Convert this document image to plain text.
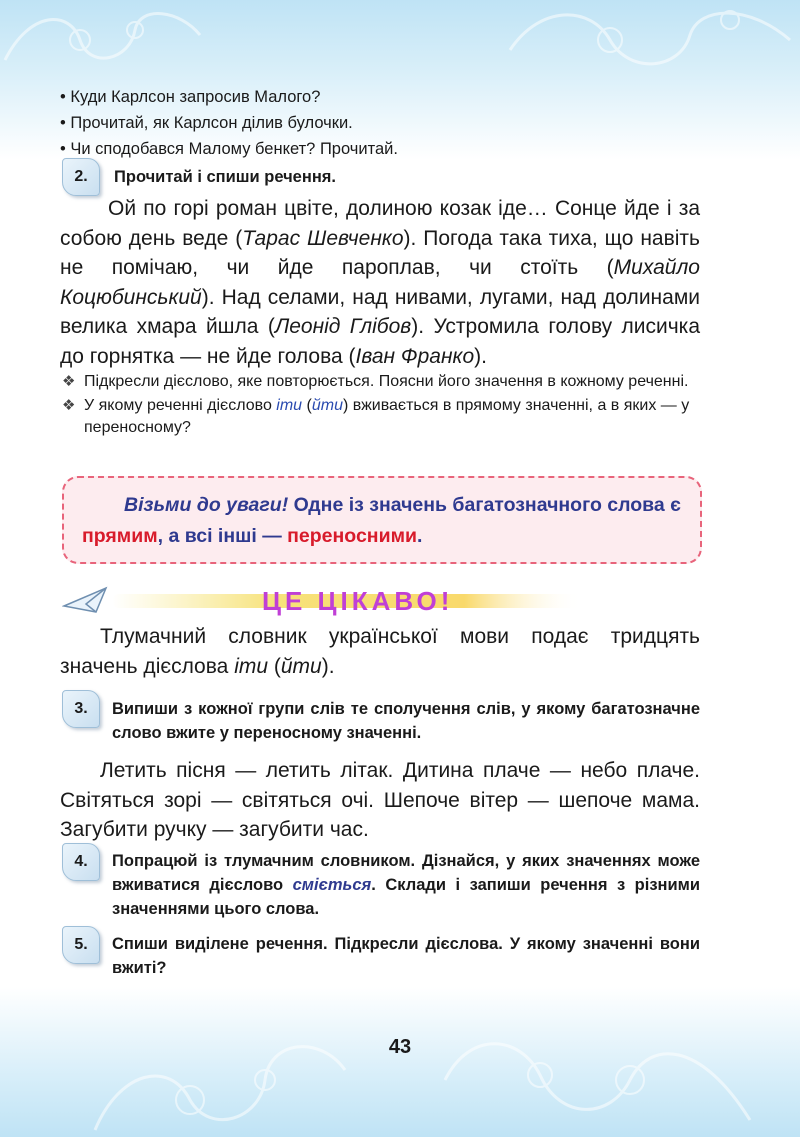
• Куди Карлсон запросив Малого?
• Прочитай, як Карлсон ділив булочки.
• Чи сподобався Малому бенкет? Прочитай.
2.	Прочитай і спиши речення.
Ой по горі роман цвіте, долиною козак іде… Сонце йде і за собою день веде (Тарас Шевченко). Погода така тиха, що навіть не помічаю, чи йде пароплав, чи стоїть (Михайло Коцюбинський). Над селами, над нивами, лугами, над долинами велика хмара йшла (Леонід Глібов). Устромила голову лисичка до горнятка — не йде голова (Іван Франко).
❖ Підкресли дієслово, яке повторюється. Поясни його значення в кожному реченні.
❖ У якому реченні дієслово іти (йти) вживається в прямому значенні, а в яких — у переносному?
Візьми до уваги! Одне із значень багатозначного слова є прямим, а всі інші — переносними.
ЦЕ ЦІКАВО!
Тлумачний словник української мови подає тридцять значень дієслова іти (йти).
3.	Випиши з кожної групи слів те сполучення слів, у якому багатозначне слово вжите у переносному значенні.
Летить пісня — летить літак. Дитина плаче — небо плаче. Світяться зорі — світяться очі. Шепоче вітер — шепоче мама. Загубити ручку — загубити час.
4.	Попрацюй із тлумачним словником. Дізнайся, у яких значеннях може вживатися дієслово сміється. Склади і запиши речення з різними значеннями цього слова.
5.	Спиши виділене речення. Підкресли дієслова. У якому значенні вони вжиті?
43
